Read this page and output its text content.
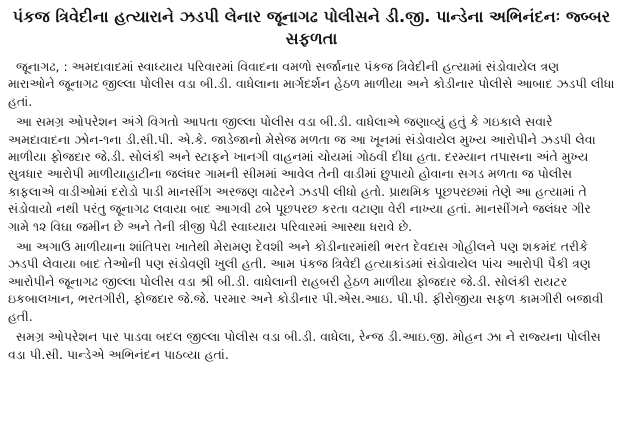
પંકજ ત્રિવેદીના હત્યારાને ઝડપી લેનાર જૂનાગઢ પોલીસને ડી.જી. પાન્ડેના અભિનંદનઃ જ્બ્બર
સફળતા
જૂનાગઢ, : અમદાવાદમાં સ્વાધ્યાય પરિવારમાં વિવાદના વમળો સર્જાનાર પંકજ ત્રિવેદીની હત્યામાં સંડોવાયેલ ત્રણ
મારાઓને જૂનાગઢ જીલ્લા પોલીસ વડા બી.ડી. વાધેલાના માર્ગદર્શન હેઠળ માળીયા અને કોડીનાર પોલીસે આબાદ ઝડપી લીધા
હતાં.
આ સમગ્ર ઓપરેશન અંગે વિગતો આપતા જીલ્લા પોલીસ વડા બી.ડી. વાધેલાએ જણાવ્યું હતું કે ગઇકાલે સવારે
અમદાવાદના ઝોન-૧ના ડી.સી.પી. એ.કે. જાડેજાનો મેસેજ મળતા જ આ ખૂનમાં સંડોવાયેલ મુખ્ય આરોપીને ઝડપી લેવા
માળીયા ફોજદાર જે.ડી. સોલંકી અને સ્ટાફને ખાનગી વાહનમાં ચોયમાં ગોઠવી દીધા હતા. દરમ્યાન તપાસના અંતે મુખ્ય
સુત્રધાર આરોપી માળીયાહાટીના જલંધર ગામની સીમમાં આવેલ તેની વાડીમાં છુપાયો હોવાના સગડ મળતા જ પોલીસ
કાફલાએ વાડીઓમાં દરોડો પાડી માનસીંગ અરજણ વાઢેરને ઝડપી લીધો હતો. પ્રાથમિક પૂછપરછમાં તેણે આ હત્યામાં તે
સંડોવાયો નથી પરંતુ જૂનાગઢ લવાયા બાદ આગવી ઢબે પૂછપરછ કરતા વટાણા વેરી નાખ્યા હતાં. માનસીંગને જલંધર ગીર
ગામે ૧૨ વિઘા જમીન છે અને તેની ત્રીજી પેઢી સ્વાધ્યાય પરિવારમાં આસ્થા ધરાવે છે.
આ અગાઉ માળીયાના શાંતિપરા ખાતેથી મેરામણ દેવશી અને કોડીનારમાંથી ભરત દેવદાસ ગોહીલને પણ શકમંદ તરીકે
ઝડપી લેવાયા બાદ તેઓની પણ સંડોવણી ખુલી હતી. આમ પંકજ ત્રિવેદી હત્યાકાંડમાં સંડોવાયેલ પાંચ આરોપી પૈકી ત્રણ
આરોપીને જૂનાગઢ જીલ્લા પોલીસ વડા શ્રી બી.ડી. વાધેલાની રાહબરી હેઠળ માળીયા ફોજદાર જે.ડી. સોલંકી રાયટર
ઇકબાલખાન, ભરતગીરી, ફોજદાર જે.જે. પરમાર અને કોડીનાર પી.એસ.આઇ. પી.પી. ફીરોજીયા સફળ કામગીરી બજાવી
હતી.
સમગ્ર ઓપરેશન પાર પાડવા બદલ જીલ્લા પોલીસ વડા બી.ડી. વાધેલા, રેન્જ ડી.આઇ.જી. મોહન ઝા ને રાજ્યના પોલીસ
વડા પી.સી. પાન્ડેએ અભિનંદન પાઠવ્યા હતાં.
